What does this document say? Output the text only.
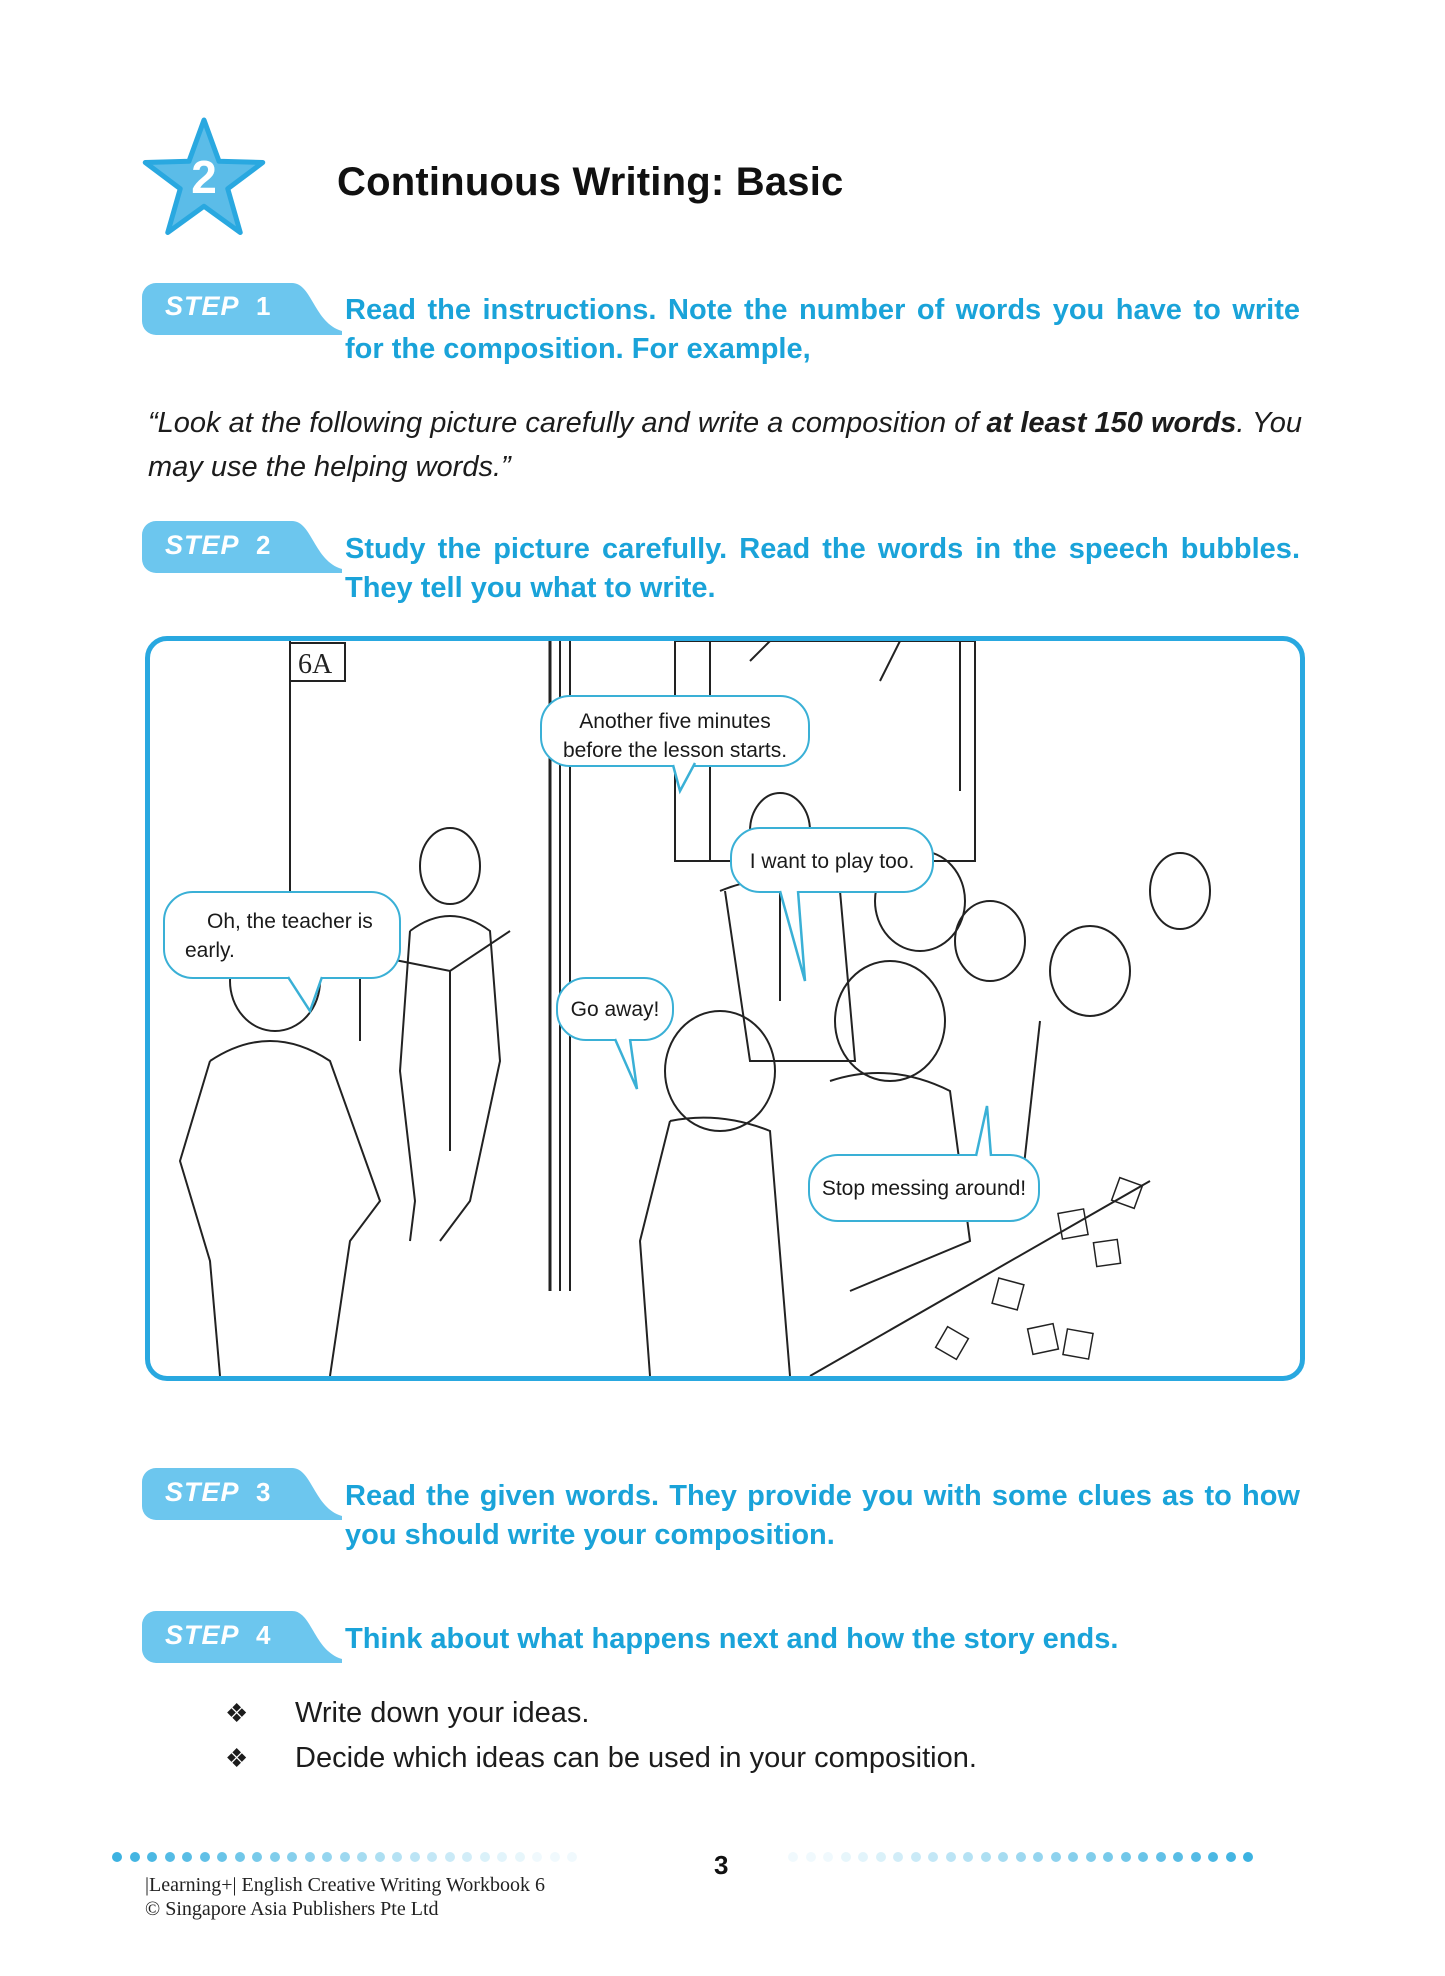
2	Continuous Writing: Basic
STEP 1	Read the instructions. Note the number of words you have to write for the composition. For example,
“Look at the following picture carefully and write a composition of at least 150 words. You may use the helping words.”
STEP 2	Study the picture carefully. Read the words in the speech bubbles. They tell you what to write.
6A
Another five minutes before the lesson starts.
Oh, the teacher is early.
I want to play too.
Go away!
Stop messing around!
STEP 3	Read the given words. They provide you with some clues as to how you should write your composition.
STEP 4	Think about what happens next and how the story ends.
❖ Write down your ideas.
❖ Decide which ideas can be used in your composition.
3
|Learning+| English Creative Writing Workbook 6
© Singapore Asia Publishers Pte Ltd
